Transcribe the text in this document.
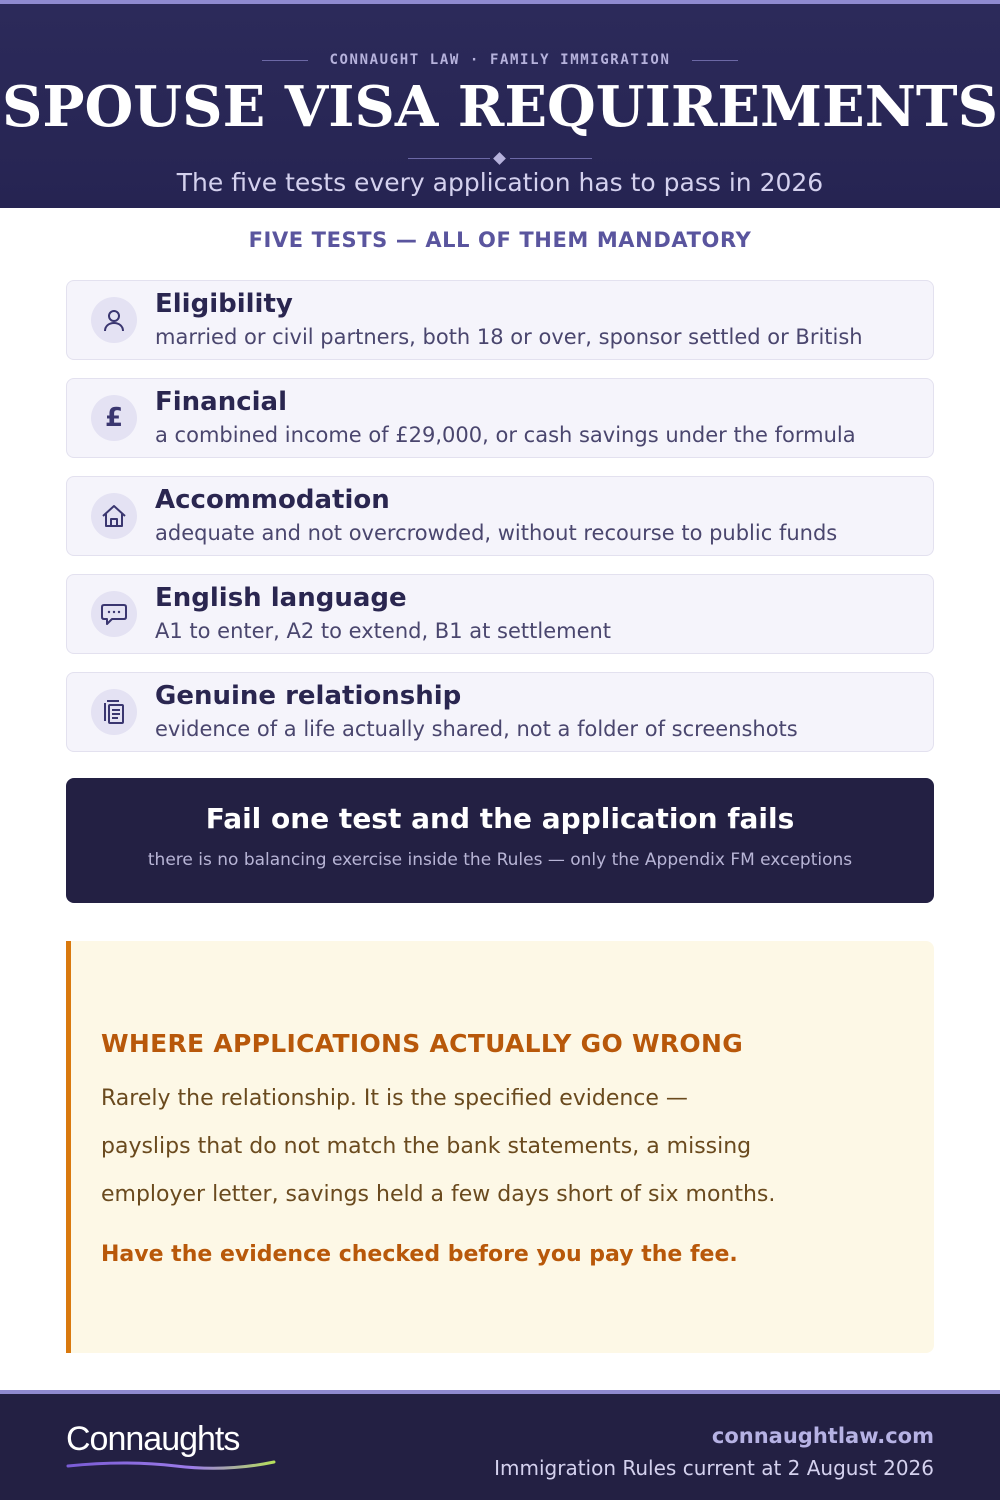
CONNAUGHT LAW · FAMILY IMMIGRATION
SPOUSE VISA REQUIREMENTS
The five tests every application has to pass in 2026
FIVE TESTS — ALL OF THEM MANDATORY
Eligibility
married or civil partners, both 18 or over, sponsor settled or British
£
Financial
a combined income of £29,000, or cash savings under the formula
Accommodation
adequate and not overcrowded, without recourse to public funds
English language
A1 to enter, A2 to extend, B1 at settlement
Genuine relationship
evidence of a life actually shared, not a folder of screenshots
Fail one test and the application fails
there is no balancing exercise inside the Rules — only the Appendix FM exceptions
WHERE APPLICATIONS ACTUALLY GO WRONG
Rarely the relationship. It is the specified evidence —
payslips that do not match the bank statements, a missing
employer letter, savings held a few days short of six months.
Have the evidence checked before you pay the fee.
Connaughts	connaughtlaw.com
Immigration Rules current at 2 August 2026
